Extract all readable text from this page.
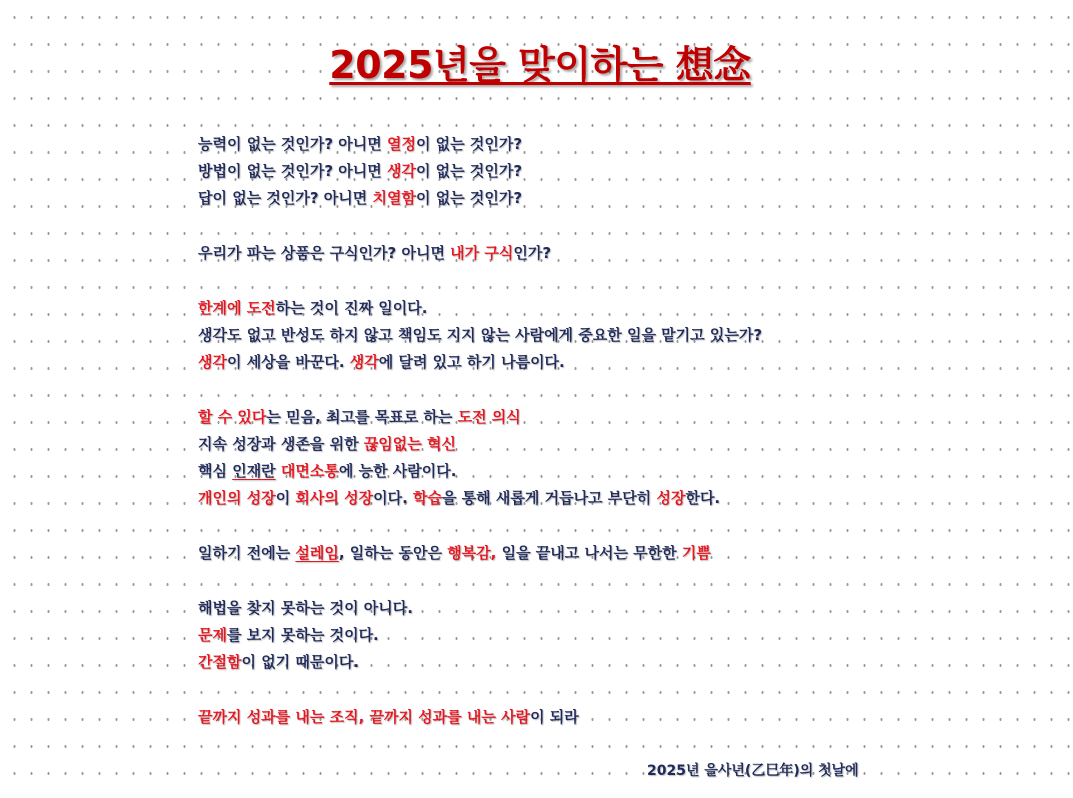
2025년을 맞이하는 想念
능력이 없는 것인가? 아니면 열정이 없는 것인가?
방법이 없는 것인가? 아니면 생각이 없는 것인가?
답이 없는 것인가? 아니면 치열함이 없는 것인가?
우리가 파는 상품은 구식인가? 아니면 내가 구식인가?
한계에 도전하는 것이 진짜 일이다.
생각도 없고 반성도 하지 않고 책임도 지지 않는 사람에게 중요한 일을 맡기고 있는가?
생각이 세상을 바꾼다. 생각에 달려 있고 하기 나름이다.
할 수 있다는 믿음, 최고를 목표로 하는 도전 의식
지속 성장과 생존을 위한 끊임없는 혁신
핵심 인재란 대면소통에 능한 사람이다.
개인의 성장이 회사의 성장이다. 학습을 통해 새롭게 거듭나고 부단히 성장한다.
일하기 전에는 설레임, 일하는 동안은 행복감, 일을 끝내고 나서는 무한한 기쁨
해법을 찾지 못하는 것이 아니다.
문제를 보지 못하는 것이다.
간절함이 없기 때문이다.
끝까지 성과를 내는 조직, 끝까지 성과를 내는 사람이 되라
2025년 을사년(乙巳年)의 첫날에
